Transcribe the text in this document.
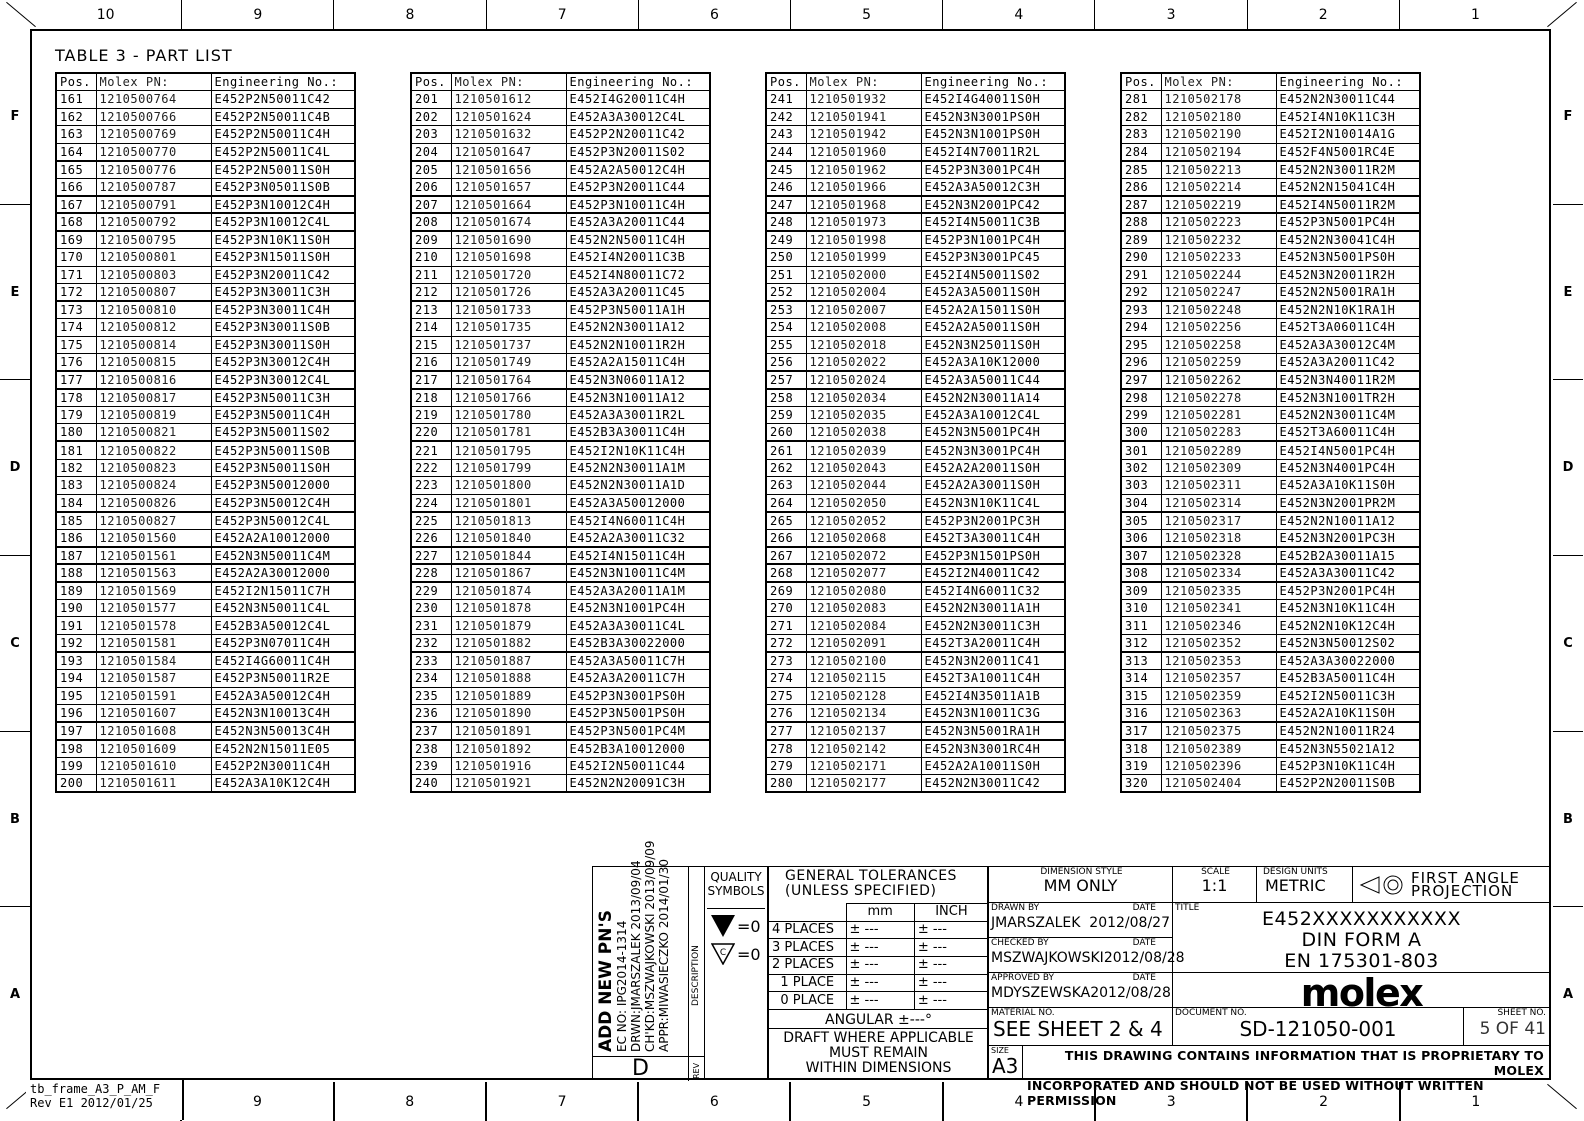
10	9	8	7	6	5	4	3	2	1
9	8	7	6	5	4	3	2	1
tb_frame_A3_P_AM_F
Rev E1 2012/01/25
F
E
D
C
B
A
F
E
D
C
B
A
TABLE 3 - PART LIST
Pos.	Molex PN:	Engineering No.:
161	1210500764	E452P2N50011C42
162	1210500766	E452P2N50011C4B
163	1210500769	E452P2N50011C4H
164	1210500770	E452P2N50011C4L
165	1210500776	E452P2N50011S0H
166	1210500787	E452P3N05011S0B
167	1210500791	E452P3N10012C4H
168	1210500792	E452P3N10012C4L
169	1210500795	E452P3N10K11S0H
170	1210500801	E452P3N15011S0H
171	1210500803	E452P3N20011C42
172	1210500807	E452P3N30011C3H
173	1210500810	E452P3N30011C4H
174	1210500812	E452P3N30011S0B
175	1210500814	E452P3N30011S0H
176	1210500815	E452P3N30012C4H
177	1210500816	E452P3N30012C4L
178	1210500817	E452P3N50011C3H
179	1210500819	E452P3N50011C4H
180	1210500821	E452P3N50011S02
181	1210500822	E452P3N50011S0B
182	1210500823	E452P3N50011S0H
183	1210500824	E452P3N50012000
184	1210500826	E452P3N50012C4H
185	1210500827	E452P3N50012C4L
186	1210501560	E452A2A10012000
187	1210501561	E452N3N50011C4M
188	1210501563	E452A2A30012000
189	1210501569	E452I2N15011C7H
190	1210501577	E452N3N50011C4L
191	1210501578	E452B3A50012C4L
192	1210501581	E452P3N07011C4H
193	1210501584	E452I4G60011C4H
194	1210501587	E452P3N50011R2E
195	1210501591	E452A3A50012C4H
196	1210501607	E452N3N10013C4H
197	1210501608	E452N3N50013C4H
198	1210501609	E452N2N15011E05
199	1210501610	E452P2N30011C4H
200	1210501611	E452A3A10K12C4H
Pos.	Molex PN:	Engineering No.:
201	1210501612	E452I4G20011C4H
202	1210501624	E452A3A30012C4L
203	1210501632	E452P2N20011C42
204	1210501647	E452P3N20011S02
205	1210501656	E452A2A50012C4H
206	1210501657	E452P3N20011C44
207	1210501664	E452P3N10011C4H
208	1210501674	E452A3A20011C44
209	1210501690	E452N2N50011C4H
210	1210501698	E452I4N20011C3B
211	1210501720	E452I4N80011C72
212	1210501726	E452A3A20011C45
213	1210501733	E452P3N50011A1H
214	1210501735	E452N2N30011A12
215	1210501737	E452N2N10011R2H
216	1210501749	E452A2A15011C4H
217	1210501764	E452N3N06011A12
218	1210501766	E452N3N10011A12
219	1210501780	E452A3A30011R2L
220	1210501781	E452B3A30011C4H
221	1210501795	E452I2N10K11C4H
222	1210501799	E452N2N30011A1M
223	1210501800	E452N2N30011A1D
224	1210501801	E452A3A50012000
225	1210501813	E452I4N60011C4H
226	1210501840	E452A2A30011C32
227	1210501844	E452I4N15011C4H
228	1210501867	E452N3N10011C4M
229	1210501874	E452A3A20011A1M
230	1210501878	E452N3N1001PC4H
231	1210501879	E452A3A30011C4L
232	1210501882	E452B3A30022000
233	1210501887	E452A3A50011C7H
234	1210501888	E452A3A20011C7H
235	1210501889	E452P3N3001PS0H
236	1210501890	E452P3N5001PS0H
237	1210501891	E452P3N5001PC4M
238	1210501892	E452B3A10012000
239	1210501916	E452I2N50011C44
240	1210501921	E452N2N20091C3H
Pos.	Molex PN:	Engineering No.:
241	1210501932	E452I4G40011S0H
242	1210501941	E452N3N3001PS0H
243	1210501942	E452N3N1001PS0H
244	1210501960	E452I4N70011R2L
245	1210501962	E452P3N3001PC4H
246	1210501966	E452A3A50012C3H
247	1210501968	E452N3N2001PC42
248	1210501973	E452I4N50011C3B
249	1210501998	E452P3N1001PC4H
250	1210501999	E452P3N3001PC45
251	1210502000	E452I4N50011S02
252	1210502004	E452A3A50011S0H
253	1210502007	E452A2A15011S0H
254	1210502008	E452A2A50011S0H
255	1210502018	E452N3N25011S0H
256	1210502022	E452A3A10K12000
257	1210502024	E452A3A50011C44
258	1210502034	E452N2N30011A14
259	1210502035	E452A3A10012C4L
260	1210502038	E452N3N5001PC4H
261	1210502039	E452N3N3001PC4H
262	1210502043	E452A2A20011S0H
263	1210502044	E452A2A30011S0H
264	1210502050	E452N3N10K11C4L
265	1210502052	E452P3N2001PC3H
266	1210502068	E452T3A30011C4H
267	1210502072	E452P3N1501PS0H
268	1210502077	E452I2N40011C42
269	1210502080	E452I4N60011C32
270	1210502083	E452N2N30011A1H
271	1210502084	E452N2N30011C3H
272	1210502091	E452T3A20011C4H
273	1210502100	E452N3N20011C41
274	1210502115	E452T3A10011C4H
275	1210502128	E452I4N35011A1B
276	1210502134	E452N3N10011C3G
277	1210502137	E452N3N5001RA1H
278	1210502142	E452N3N3001RC4H
279	1210502171	E452A2A10011S0H
280	1210502177	E452N2N30011C42
Pos.	Molex PN:	Engineering No.:
281	1210502178	E452N2N30011C44
282	1210502180	E452I4N10K11C3H
283	1210502190	E452I2N10014A1G
284	1210502194	E452F4N5001RC4E
285	1210502213	E452N2N30011R2M
286	1210502214	E452N2N15041C4H
287	1210502219	E452I4N50011R2M
288	1210502223	E452P3N5001PC4H
289	1210502232	E452N2N30041C4H
290	1210502233	E452N3N5001PS0H
291	1210502244	E452N3N20011R2H
292	1210502247	E452N2N5001RA1H
293	1210502248	E452N2N10K1RA1H
294	1210502256	E452T3A06011C4H
295	1210502258	E452A3A30012C4M
296	1210502259	E452A3A20011C42
297	1210502262	E452N3N40011R2M
298	1210502278	E452N3N1001TR2H
299	1210502281	E452N2N30011C4M
300	1210502283	E452T3A60011C4H
301	1210502289	E452I4N5001PC4H
302	1210502309	E452N3N4001PC4H
303	1210502311	E452A3A10K11S0H
304	1210502314	E452N3N2001PR2M
305	1210502317	E452N2N10011A12
306	1210502318	E452N3N2001PC3H
307	1210502328	E452B2A30011A15
308	1210502334	E452A3A30011C42
309	1210502335	E452P3N2001PC4H
310	1210502341	E452N3N10K11C4H
311	1210502346	E452N2N10K12C4H
312	1210502352	E452N3N50012S02
313	1210502353	E452A3A30022000
314	1210502357	E452B3A50011C4H
315	1210502359	E452I2N50011C3H
316	1210502363	E452A2A10K11S0H
317	1210502375	E452N2N10011R24
318	1210502389	E452N3N55021A12
319	1210502396	E452P3N10K11C4H
320	1210502404	E452P2N20011S0B
ADD NEW PN'S EC NO: IPG2014-1314 DRWN:JMARSZALEK 2013/09/04 CH'KD:MSZWAJKOWSKI 2013/09/09 APPR:MIWASIECZKO 2014/01/30 DESCRIPTION
D	REV
QUALITY
SYMBOLS
=0
C =0
GENERAL TOLERANCES
(UNLESS SPECIFIED)
	mm	INCH
4 PLACES	± ---	± ---
3 PLACES	± ---	± ---
2 PLACES	± ---	± ---
1 PLACE	± ---	± ---
0 PLACE	± ---	± ---
ANGULAR ±---°
DRAFT WHERE APPLICABLE
MUST REMAIN
WITHIN DIMENSIONS
DIMENSION STYLE
MM ONLY
SCALE
1:1
DESIGN UNITS
METRIC	FIRST ANGLE
PROJECTION
DRAWN BY	DATE
JMARSZALEK 2012/08/27
CHECKED BY	DATE
MSZWAJKOWSKI 2012/08/28
APPROVED BY	DATE
MDYSZEWSKA 2012/08/28
MATERIAL NO.
SEE SHEET 2 & 4
TITLE	E452XXXXXXXXXXX
DIN FORM A
EN 175301-803
molex
DOCUMENT NO.
SD-121050-001
SHEET NO.
5 OF 41
SIZE
A3	THIS DRAWING CONTAINS INFORMATION THAT IS PROPRIETARY TO MOLEX
INCORPORATED AND SHOULD NOT BE USED WITHOUT WRITTEN PERMISSION
